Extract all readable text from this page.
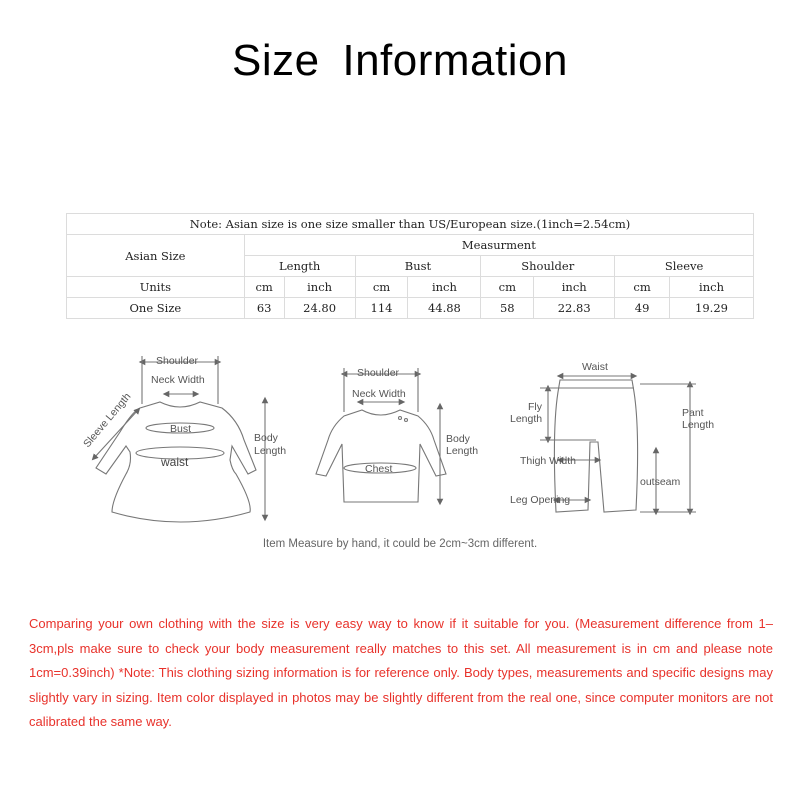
Size Information
Note: Asian size is one size smaller than US/European size.(1inch=2.54cm)								
Asian Size	Measurment							
	Length		Bust		Shoulder		Sleeve	
Units	cm	inch	cm	inch	cm	inch	cm	inch
One Size	63	24.80	114	44.88	58	22.83	49	19.29
Shoulder
Neck Width
Sleeve Length	Bust
waist
Body
Length
Shoulder
Neck Width
Chest
Body
Length
Waist
Fly
Length	Pant
Length
Thigh Width
outseam
Leg Opening
Item Measure by hand, it could be 2cm~3cm different.
Comparing your own clothing with the size is very easy way to know if it suitable for you. (Measurement difference from 1– 3cm,pls make sure to check your body measurement really matches to this set. All measurement is in cm and please note 1cm=0.39inch) *Note: This clothing sizing information is for reference only. Body types, measurements and specific designs may slightly vary in sizing. Item color displayed in photos may be slightly different from the real one, since computer monitors are not calibrated the same way.
